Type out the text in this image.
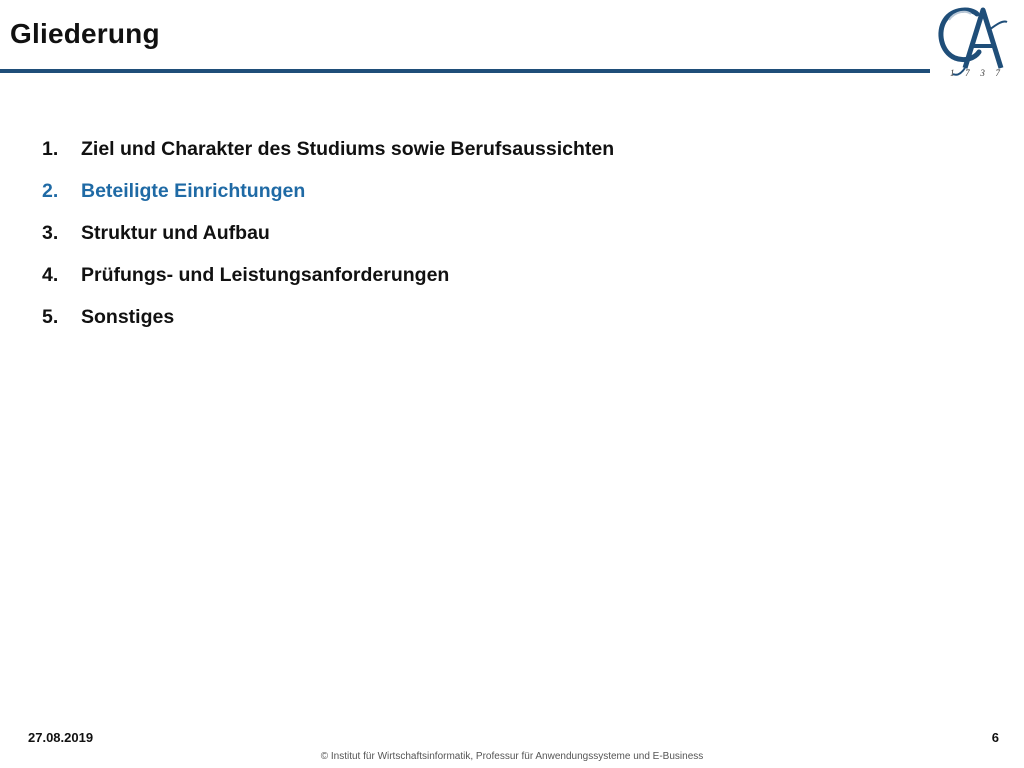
Gliederung
1 7 3 7
1.	Ziel und Charakter des Studiums sowie Berufsaussichten
2.	Beteiligte Einrichtungen
3.	Struktur und Aufbau
4.	Prüfungs- und Leistungsanforderungen
5.	Sonstiges
27.08.2019	6
© Institut für Wirtschaftsinformatik, Professur für Anwendungssysteme und E-Business
